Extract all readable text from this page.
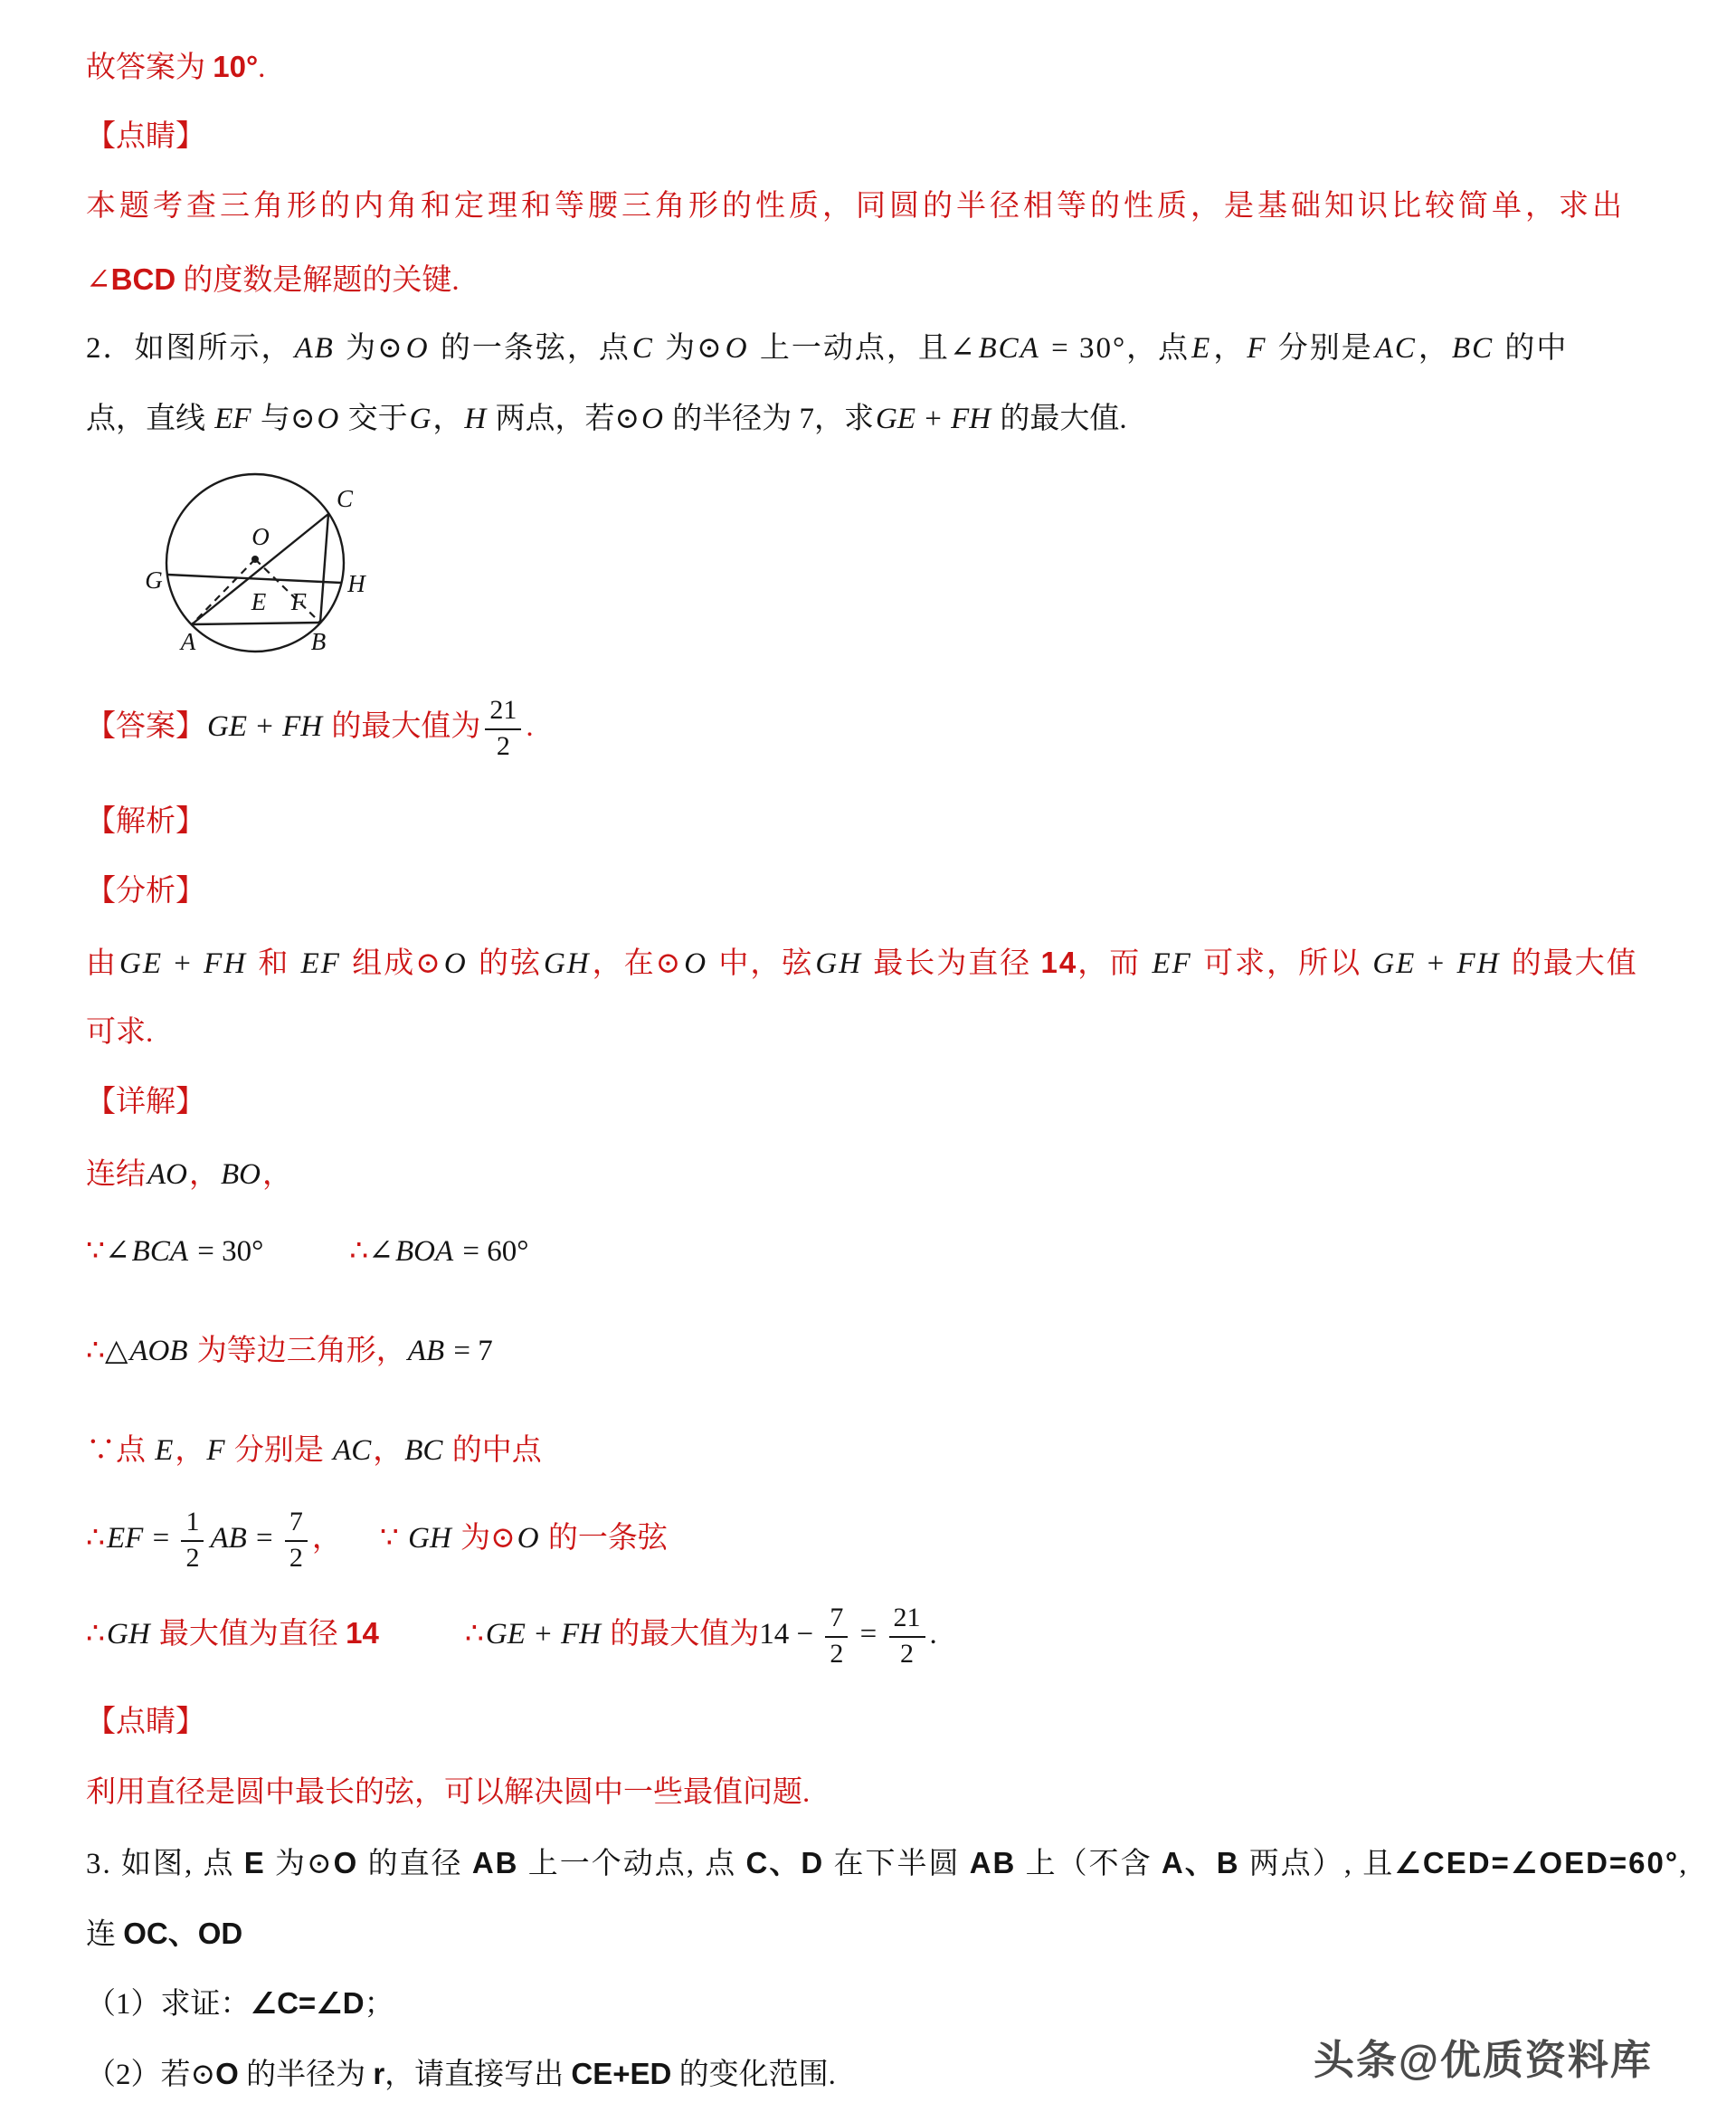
故答案为 10°.

【点睛】

本题考查三角形的内角和定理和等腰三角形的性质，同圆的半径相等的性质，是基础知识比较简单，求出

∠BCD 的度数是解题的关键.

2．如图所示，AB 为⊙O 的一条弦，点C 为⊙O 上一动点，且∠BCA = 30°，点E，F 分别是AC，BC 的中

点，直线 EF 与⊙O 交于G，H 两点，若⊙O 的半径为 7，求GE + FH 的最大值.

O
G	H
C
A	B
E F

【答案】GE + FH 的最大值为 $\frac{21}{2}$ .

【解析】

【分析】

由GE + FH 和 EF 组成⊙O 的弦GH，在⊙O 中，弦GH 最长为直径 14，而 EF 可求，所以 GE + FH 的最大值

可求.

【详解】

连结AO，BO，

∵∠BCA = 30°	∴∠BOA = 60°

∴△AOB 为等边三角形，AB = 7

∵点 E，F 分别是 AC，BC 的中点

∴EF = $\frac{1}{2}$ AB = $\frac{7}{2}$ ， ∵ GH 为⊙O 的一条弦

∴GH 最大值为直径 14	∴GE + FH 的最大值为$14 - \frac{7}{2} = \frac{21}{2}$ .

【点睛】

利用直径是圆中最长的弦，可以解决圆中一些最值问题.

3. 如图, 点 E 为⊙O 的直径 AB 上一个动点, 点 C、D 在下半圆 AB 上（不含 A、B 两点）, 且∠CED=∠OED=60°,

连 OC、OD

（1）求证：∠C=∠D；

（2）若⊙O 的半径为 r，请直接写出 CE+ED 的变化范围.	头条@优质资料库
